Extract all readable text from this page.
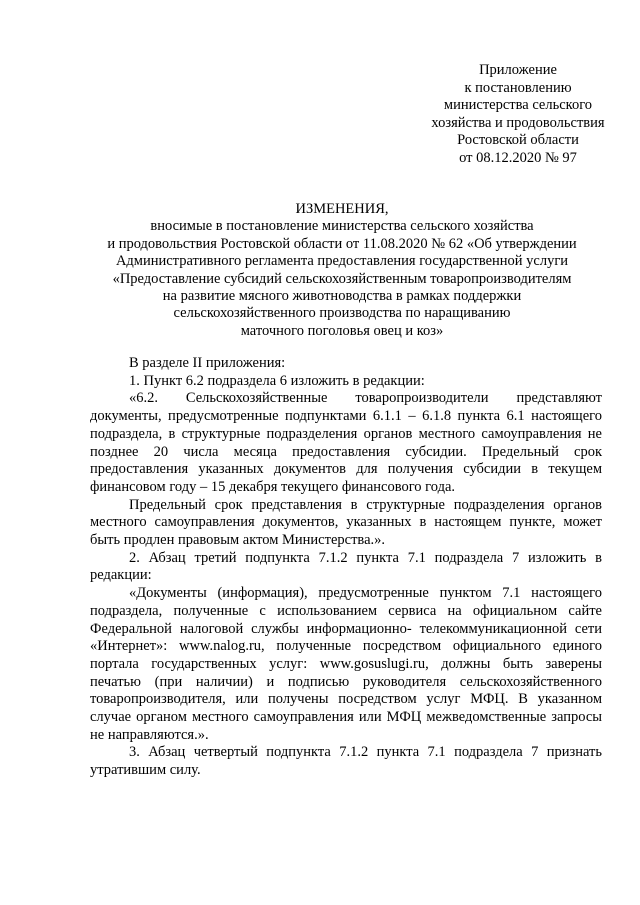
Приложение
к постановлению
министерства сельского
хозяйства и продовольствия
Ростовской области
от 08.12.2020 № 97
ИЗМЕНЕНИЯ,
вносимые в постановление министерства сельского хозяйства
и продовольствия Ростовской области от 11.08.2020 № 62 «Об утверждении
Административного регламента предоставления государственной услуги
«Предоставление субсидий сельскохозяйственным товаропроизводителям
на развитие мясного животноводства в рамках поддержки
сельскохозяйственного производства по наращиванию
маточного поголовья овец и коз»

В разделе II приложения:

1. Пункт 6.2 подраздела 6 изложить в редакции:

«6.2. Сельскохозяйственные товаропроизводители представляют документы, предусмотренные подпунктами 6.1.1 – 6.1.8 пункта 6.1 настоящего подраздела, в структурные подразделения органов местного самоуправления не позднее 20 числа месяца предоставления субсидии. Предельный срок предоставления указанных документов для получения субсидии в текущем финансовом году – 15 декабря текущего финансового года.

Предельный срок представления в структурные подразделения органов местного самоуправления документов, указанных в настоящем пункте, может быть продлен правовым актом Министерства.».

2. Абзац третий подпункта 7.1.2 пункта 7.1 подраздела 7 изложить в редакции:

«Документы (информация), предусмотренные пунктом 7.1 настоящего подраздела, полученные с использованием сервиса на официальном сайте Федеральной налоговой службы информационно- телекоммуникационной сети «Интернет»: www.nalog.ru, полученные посредством официального единого портала государственных услуг: www.gosuslugi.ru, должны быть заверены печатью (при наличии) и подписью руководителя сельскохозяйственного товаропроизводителя, или получены посредством услуг МФЦ. В указанном случае органом местного самоуправления или МФЦ межведомственные запросы не направляются.».

3. Абзац четвертый подпункта 7.1.2 пункта 7.1 подраздела 7 признать утратившим силу.
